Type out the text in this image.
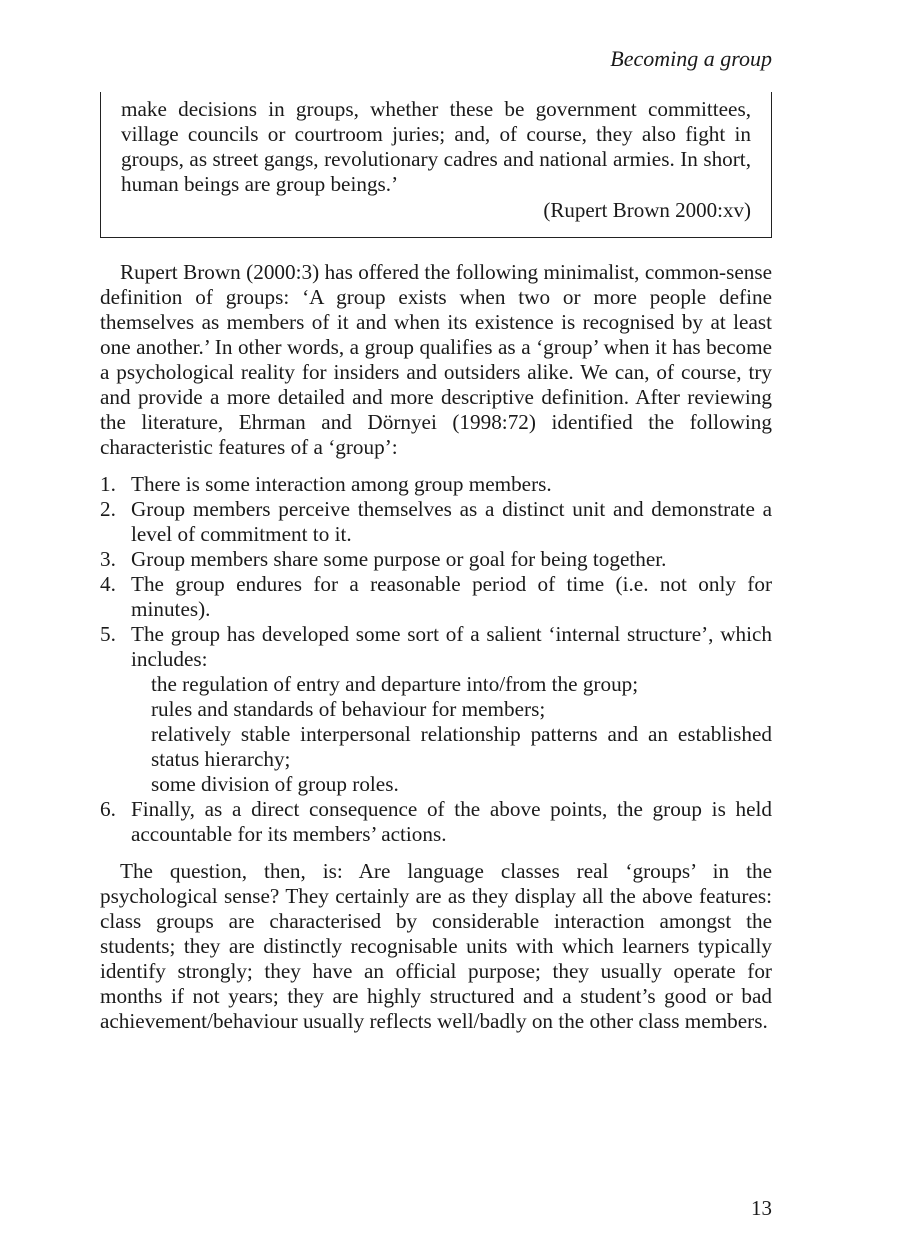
Becoming a group
make decisions in groups, whether these be government committees, village councils or courtroom juries; and, of course, they also fight in groups, as street gangs, revolutionary cadres and national armies. In short, human beings are group beings.’
(Rupert Brown 2000:xv)

Rupert Brown (2000:3) has offered the following minimalist, common-sense definition of groups: ‘A group exists when two or more people define themselves as members of it and when its existence is recognised by at least one another.’ In other words, a group qualifies as a ‘group’ when it has become a psychological reality for insiders and outsiders alike. We can, of course, try and provide a more detailed and more descriptive definition. After reviewing the literature, Ehrman and Dörnyei (1998:72) identified the following characteristic features of a ‘group’:

1. There is some interaction among group members.
2. Group members perceive themselves as a distinct unit and demonstrate a level of commitment to it.
3. Group members share some purpose or goal for being together.
4. The group endures for a reasonable period of time (i.e. not only for minutes).
5. The group has developed some sort of a salient ‘internal structure’, which includes:
the regulation of entry and departure into/from the group;
rules and standards of behaviour for members;
relatively stable interpersonal relationship patterns and an established status hierarchy;
some division of group roles.
6. Finally, as a direct consequence of the above points, the group is held accountable for its members’ actions.

The question, then, is: Are language classes real ‘groups’ in the psychological sense? They certainly are as they display all the above features: class groups are characterised by considerable interaction amongst the students; they are distinctly recognisable units with which learners typically identify strongly; they have an official purpose; they usually operate for months if not years; they are highly structured and a student’s good or bad achievement/behaviour usually reflects well/badly on the other class members.

13
